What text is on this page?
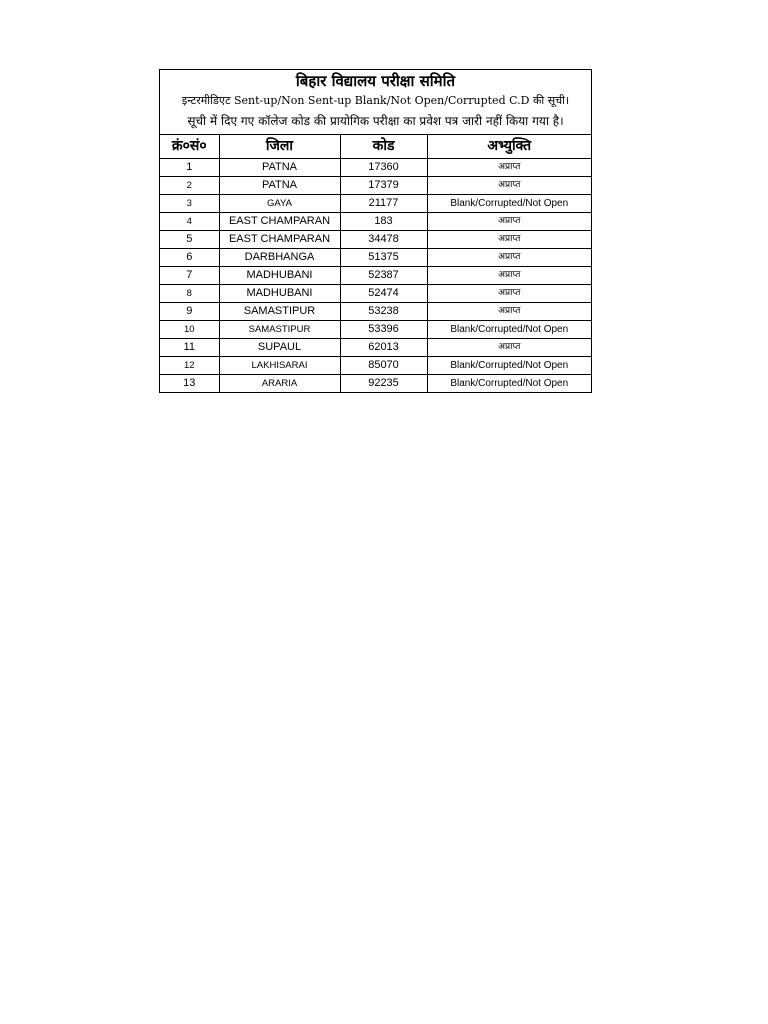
बिहार विद्यालय परीक्षा समिति
इन्टरमीडिएट Sent-up/Non Sent-up Blank/Not Open/Corrupted C.D की सूची।
सूची में दिए गए कॉलेज कोड की प्रायोगिक परीक्षा का प्रवेश पत्र जारी नहीं किया गया है।
क्रं०सं०	जिला	कोड	अभ्युक्ति
1	PATNA	17360	अप्राप्त
2	PATNA	17379	अप्राप्त
3	GAYA	21177	Blank/Corrupted/Not Open
4	EAST CHAMPARAN	183	अप्राप्त
5	EAST CHAMPARAN	34478	अप्राप्त
6	DARBHANGA	51375	अप्राप्त
7	MADHUBANI	52387	अप्राप्त
8	MADHUBANI	52474	अप्राप्त
9	SAMASTIPUR	53238	अप्राप्त
10	SAMASTIPUR	53396	Blank/Corrupted/Not Open
11	SUPAUL	62013	अप्राप्त
12	LAKHISARAI	85070	Blank/Corrupted/Not Open
13	ARARIA	92235	Blank/Corrupted/Not Open
